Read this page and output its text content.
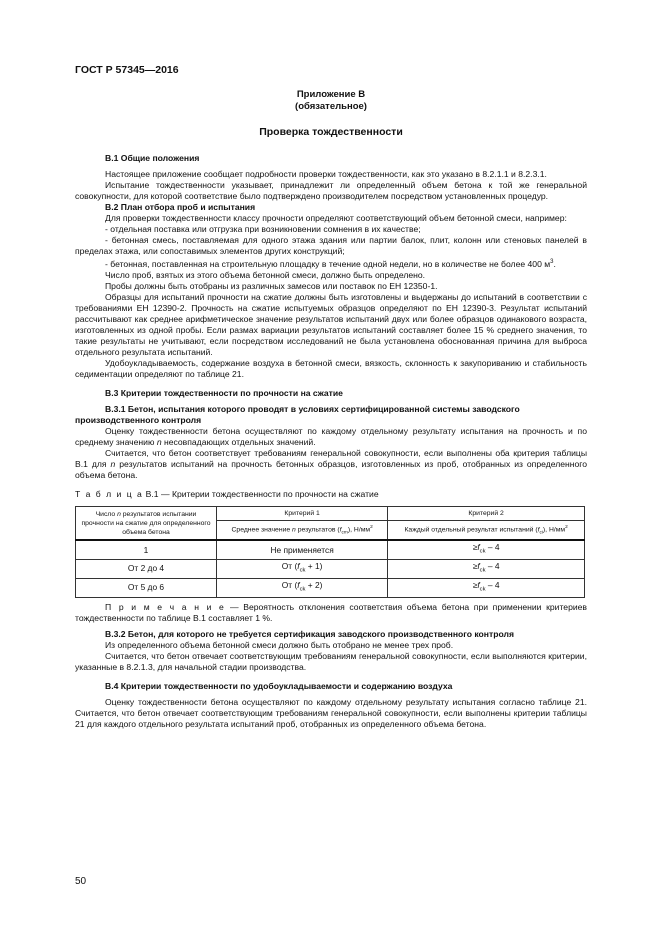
ГОСТ Р 57345—2016
Приложение В
(обязательное)
Проверка тождественности

В.1 Общие положения

Настоящее приложение сообщает подробности проверки тождественности, как это указано в 8.2.1.1 и 8.2.3.1.

Испытание тождественности указывает, принадлежит ли определенный объем бетона к той же генеральной совокупности, для которой соответствие было подтверждено производителем посредством установленных процедур.

В.2 План отбора проб и испытания

Для проверки тождественности классу прочности определяют соответствующий объем бетонной смеси, например:

- отдельная поставка или отгрузка при возникновении сомнения в их качестве;

- бетонная смесь, поставляемая для одного этажа здания или партии балок, плит, колонн или стеновых панелей в пределах этажа, или сопоставимых элементов других конструкций;

- бетонная, поставленная на строительную площадку в течение одной недели, но в количестве не более 400 $м^3$.

Число проб, взятых из этого объема бетонной смеси, должно быть определено.

Пробы должны быть отобраны из различных замесов или поставок по ЕН 12350-1.

Образцы для испытаний прочности на сжатие должны быть изготовлены и выдержаны до испытаний в соответствии с требованиями ЕН 12390-2. Прочность на сжатие испытуемых образцов определяют по ЕН 12390-3. Результат испытаний рассчитывают как среднее арифметическое значение результатов испытаний двух или более образцов одинакового возраста, изготовленных из одной пробы. Если размах вариации результатов испытаний составляет более 15 % среднего значения, то такие результаты не учитывают, если посредством исследований не была установлена обоснованная причина для выброса отдельного результата испытаний.

Удобоукладываемость, содержание воздуха в бетонной смеси, вязкость, склонность к закупориванию и стабильность седиментации определяют по таблице 21.

В.3 Критерии тождественности по прочности на сжатие

В.3.1 Бетон, испытания которого проводят в условиях сертифицированной системы заводского производственного контроля

Оценку тождественности бетона осуществляют по каждому отдельному результату испытания на прочность и по среднему значению n несовпадающих отдельных значений.

Считается, что бетон соответствует требованиям генеральной совокупности, если выполнены оба критерия таблицы В.1 для n результатов испытаний на прочность бетонных образцов, изготовленных из проб, отобранных из определенного объема бетона.

Т а б л и ц а В.1 — Критерии тождественности по прочности на сжатие

Число n результатов испытании прочности на сжатие для определенного объема бетона	Критерий 1	Критерий 2
	Среднее значение n результатов $(f_{cm})$, $Н/мм^2$	Каждый отдельный результат испытаний $(f_{ci})$, $Н/мм^2$
1	Не применяется	$\ge f_{ck} - 4$
От 2 до 4	От $(f_{ck} + 1)$	$\ge f_{ck} - 4$
От 5 до 6	От $(f_{ck} + 2)$	$\ge f_{ck} - 4$

П р и м е ч а н и е — Вероятность отклонения соответствия объема бетона при применении критериев тождественности по таблице В.1 составляет 1 %.

В.3.2 Бетон, для которого не требуется сертификация заводского производственного контроля

Из определенного объема бетонной смеси должно быть отобрано не менее трех проб.

Считается, что бетон отвечает соответствующим требованиям генеральной совокупности, если выполняются критерии, указанные в 8.2.1.3, для начальной стадии производства.

В.4 Критерии тождественности по удобоукладываемости и содержанию воздуха

Оценку тождественности бетона осуществляют по каждому отдельному результату испытания согласно таблице 21. Считается, что бетон отвечает соответствующим требованиям генеральной совокупности, если выполнены критерии таблицы 21 для каждого отдельного результата испытаний проб, отобранных из определенного объема бетона.

50
